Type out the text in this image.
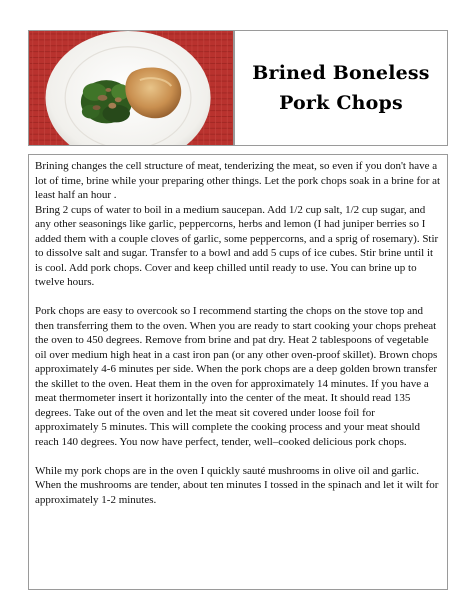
Brined Boneless
Pork Chops

Brining changes the cell structure of meat, tenderizing the meat, so even if you don't have a lot of time, brine while your preparing other things. Let the pork chops soak in a brine for at least half an hour .

Bring 2 cups of water to boil in a medium saucepan. Add 1/2 cup salt, 1/2 cup sugar, and any other seasonings like garlic, peppercorns, herbs and lemon (I had juniper berries so I added them with a couple cloves of garlic, some peppercorns, and a sprig of rosemary). Stir to dissolve salt and sugar. Transfer to a bowl and add 5 cups of ice cubes. Stir brine until it is cool. Add pork chops. Cover and keep chilled until ready to use. You can brine up to twelve hours.

Pork chops are easy to overcook so I recommend starting the chops on the stove top and then transferring them to the oven. When you are ready to start cooking your chops preheat the oven to 450 degrees. Remove from brine and pat dry. Heat 2 tablespoons of vegetable oil over medium high heat in a cast iron pan (or any other oven-proof skillet). Brown chops approximately 4-6 minutes per side. When the pork chops are a deep golden brown transfer the skillet to the oven. Heat them in the oven for approximately 14 minutes. If you have a meat thermometer insert it horizontally into the center of the meat. It should read 135 degrees. Take out of the oven and let the meat sit covered under loose foil for approximately 5 minutes. This will complete the cooking process and your meat should reach 140 degrees. You now have perfect, tender, well–cooked delicious pork chops.

While my pork chops are in the oven I quickly sauté mushrooms in olive oil and garlic. When the mushrooms are tender, about ten minutes I tossed in the spinach and let it wilt for approximately 1-2 minutes.
